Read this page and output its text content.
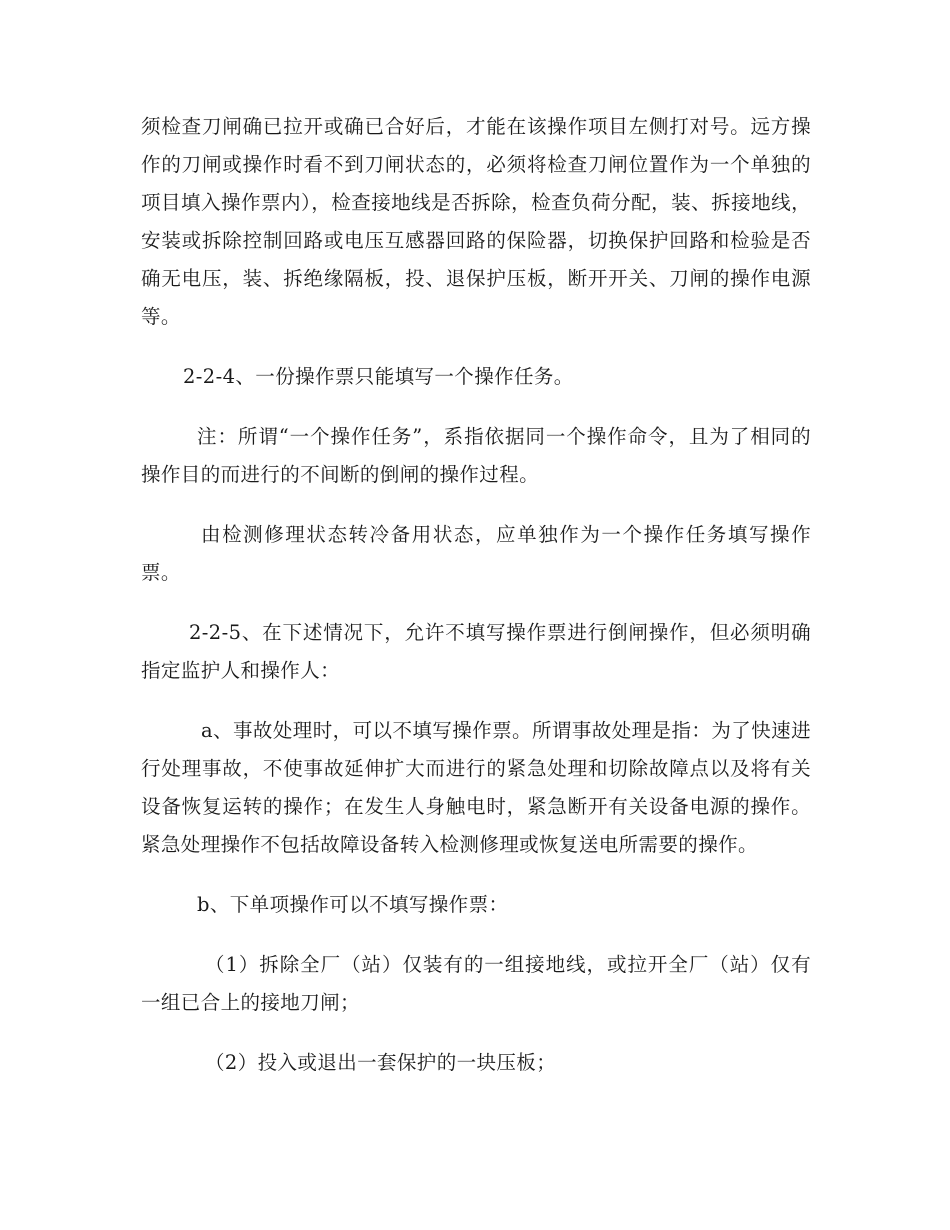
须检查刀闸确已拉开或确已合好后，才能在该操作项目左侧打对号。远方操作的刀闸或操作时看不到刀闸状态的，必须将检查刀闸位置作为一个单独的项目填入操作票内），检查接地线是否拆除，检查负荷分配，装、拆接地线，安装或拆除控制回路或电压互感器回路的保险器，切换保护回路和检验是否确无电压，装、拆绝缘隔板，投、退保护压板，断开开关、刀闸的操作电源等。

2-2-4、一份操作票只能填写一个操作任务。

注：所谓“一个操作任务”，系指依据同一个操作命令，且为了相同的操作目的而进行的不间断的倒闸的操作过程。

由检测修理状态转冷备用状态，应单独作为一个操作任务填写操作票。

2-2-5、在下述情况下，允许不填写操作票进行倒闸操作，但必须明确指定监护人和操作人：

a、事故处理时，可以不填写操作票。所谓事故处理是指：为了快速进行处理事故，不使事故延伸扩大而进行的紧急处理和切除故障点以及将有关设备恢复运转的操作；在发生人身触电时，紧急断开有关设备电源的操作。紧急处理操作不包括故障设备转入检测修理或恢复送电所需要的操作。

b、下单项操作可以不填写操作票：

（1）拆除全厂（站）仅装有的一组接地线，或拉开全厂（站）仅有一组已合上的接地刀闸；

（2）投入或退出一套保护的一块压板；
